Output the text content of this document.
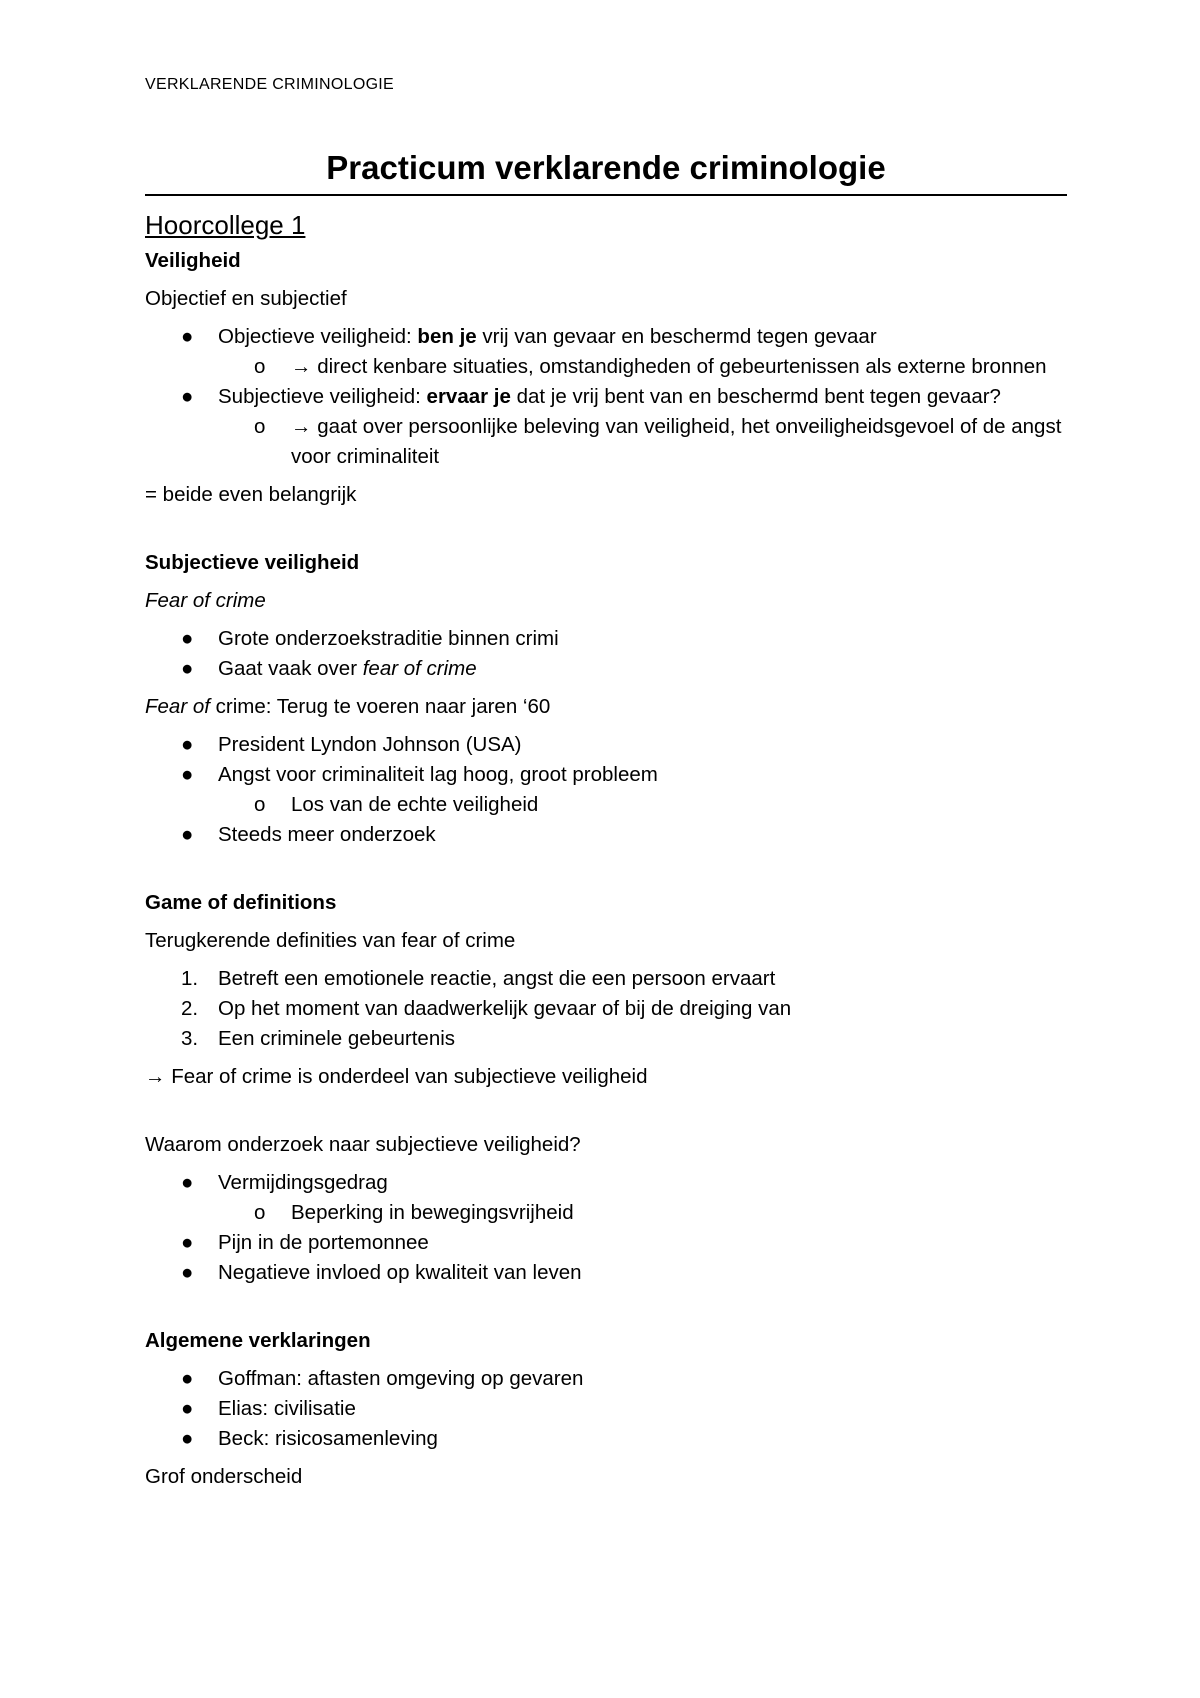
VERKLARENDE CRIMINOLOGIE
Practicum verklarende criminologie
Hoorcollege 1
Veiligheid
Objectief en subjectief
● Objectieve veiligheid: ben je vrij van gevaar en beschermd tegen gevaar
o → direct kenbare situaties, omstandigheden of gebeurtenissen als externe bronnen
● Subjectieve veiligheid: ervaar je dat je vrij bent van en beschermd bent tegen gevaar?
o → gaat over persoonlijke beleving van veiligheid, het onveiligheidsgevoel of de angst voor criminaliteit
= beide even belangrijk
Subjectieve veiligheid
Fear of crime
● Grote onderzoekstraditie binnen crimi
● Gaat vaak over fear of crime
Fear of crime: Terug te voeren naar jaren ‘60
● President Lyndon Johnson (USA)
● Angst voor criminaliteit lag hoog, groot probleem
o Los van de echte veiligheid
● Steeds meer onderzoek
Game of definitions
Terugkerende definities van fear of crime
1. Betreft een emotionele reactie, angst die een persoon ervaart
2. Op het moment van daadwerkelijk gevaar of bij de dreiging van
3. Een criminele gebeurtenis
→ Fear of crime is onderdeel van subjectieve veiligheid
Waarom onderzoek naar subjectieve veiligheid?
● Vermijdingsgedrag
o Beperking in bewegingsvrijheid
● Pijn in de portemonnee
● Negatieve invloed op kwaliteit van leven
Algemene verklaringen
● Goffman: aftasten omgeving op gevaren
● Elias: civilisatie
● Beck: risicosamenleving
Grof onderscheid
